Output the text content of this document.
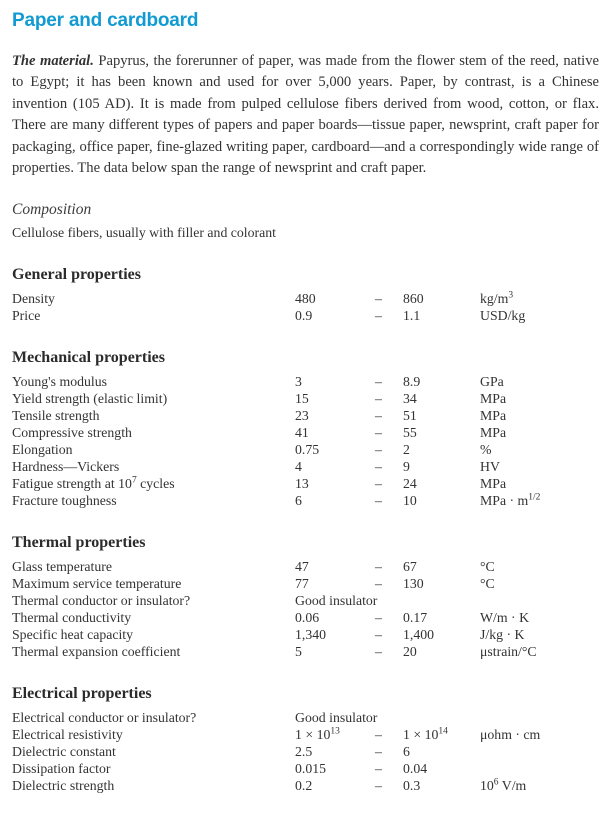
Paper and cardboard

The material. Papyrus, the forerunner of paper, was made from the flower stem of the reed, native to Egypt; it has been known and used for over 5,000 years. Paper, by contrast, is a Chinese invention (105 AD). It is made from pulped cellulose fibers derived from wood, cotton, or flax. There are many different types of papers and paper boards—tissue paper, newsprint, craft paper for packaging, office paper, fine-glazed writing paper, cardboard—and a correspondingly wide range of properties. The data below span the range of newsprint and craft paper.

Composition

Cellulose fibers, usually with filler and colorant

General properties
Density	480	–	860	$kg/m^3$
Price	0.9	–	1.1	USD/kg
Mechanical properties
Young's modulus	3	–	8.9	GPa
Yield strength (elastic limit)	15	–	34	MPa
Tensile strength	23	–	51	MPa
Compressive strength	41	–	55	MPa
Elongation	0.75	–	2	%
Hardness—Vickers	4	–	9	HV
Fatigue strength at $10^7$ cycles	13	–	24	MPa
Fracture toughness	6	–	10	MPa · $m^{1/2}$
Thermal properties
Glass temperature	47	–	67	°C
Maximum service temperature	77	–	130	°C
Thermal conductor or insulator?	Good insulator
Thermal conductivity	0.06	–	0.17	W/m · K
Specific heat capacity	1,340	–	1,400	J/kg · K
Thermal expansion coefficient	5	–	20	μstrain/°C
Electrical properties
Electrical conductor or insulator?	Good insulator
Electrical resistivity	$1 \times 10^{13}$	–	$1 \times 10^{14}$	μohm · cm
Dielectric constant	2.5	–	6
Dissipation factor	0.015	–	0.04
Dielectric strength	0.2	–	0.3	$10^6$ V/m
